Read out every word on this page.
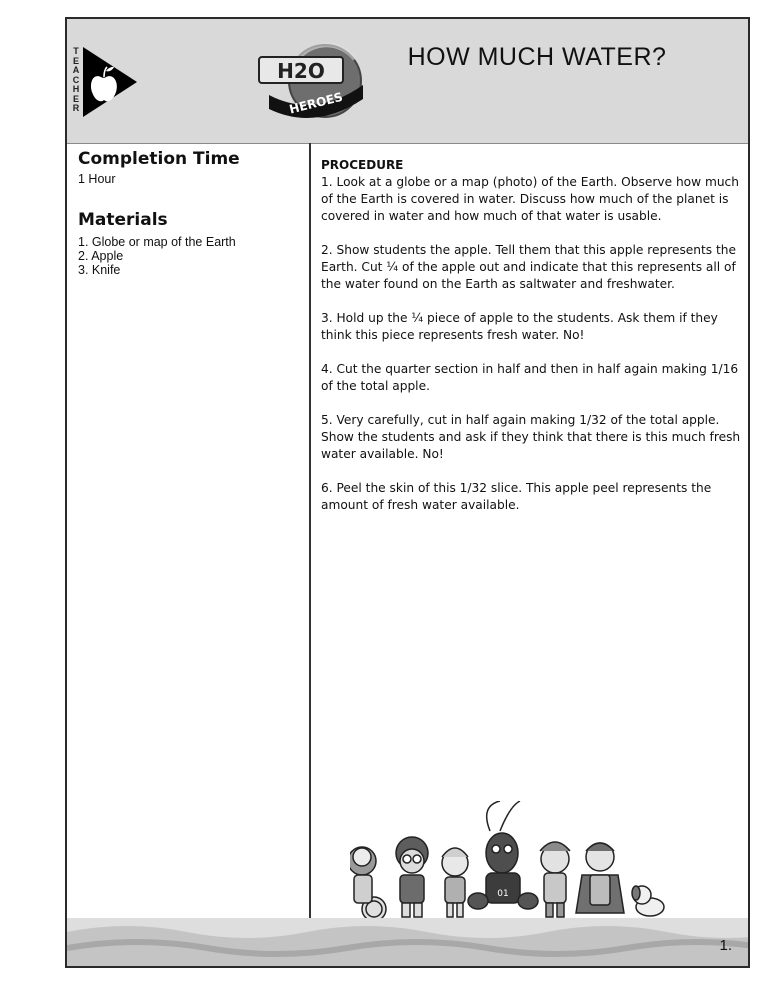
T
E
A
C
H
E
R
H2O
HEROES
HOW MUCH WATER?
Completion Time

1 Hour

Materials
1. Globe or map of the Earth
2. Apple
3. Knife

PROCEDURE

1. Look at a globe or a map (photo) of the Earth. Observe how much of the Earth is covered in water. Discuss how much of the planet is covered in water and how much of that water is usable.

2. Show students the apple. Tell them that this apple represents the Earth. Cut ¼ of the apple out and indicate that this represents all of the water found on the Earth as saltwater and freshwater.

3. Hold up the ¼ piece of apple to the students. Ask them if they think this piece represents fresh water. No!

4. Cut the quarter section in half and then in half again making 1/16 of the total apple.

5. Very carefully, cut in half again making 1/32 of the total apple. Show the students and ask if they think that there is this much fresh water available. No!

6. Peel the skin of this 1/32 slice. This apple peel represents the amount of fresh water available.

01
1.
